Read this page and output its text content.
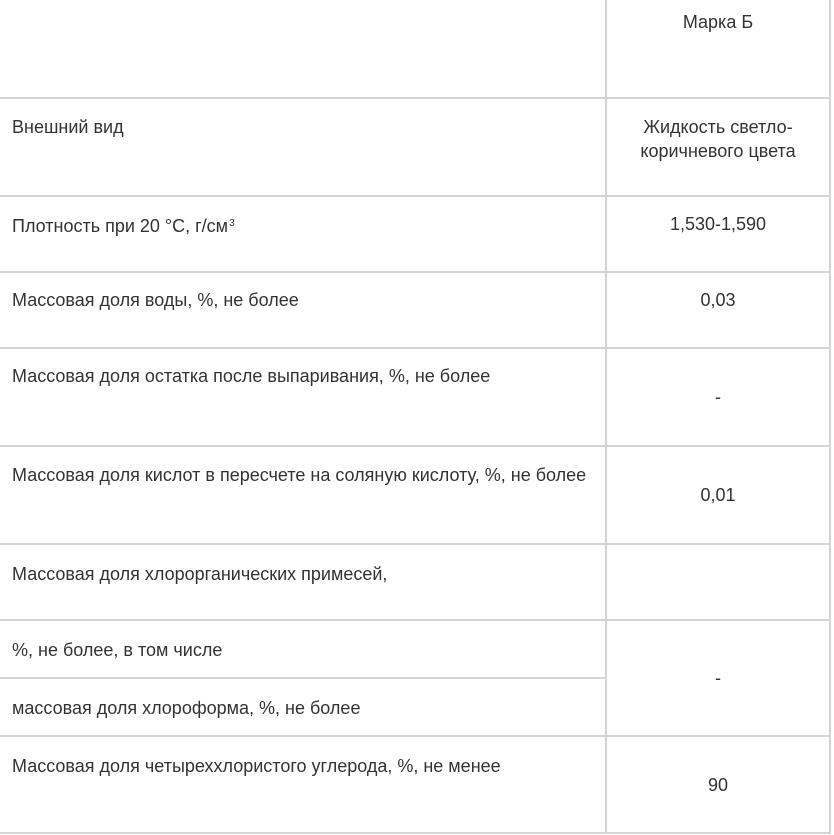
	Марка Б
Внешний вид	Жидкость светло-коричневого цвета
Плотность при 20 °С, $г/см^3$	1,530-1,590
Массовая доля воды, %, не более	0,03
Массовая доля остатка после выпаривания, %, не более	-
Массовая доля кислот в пересчете на соляную кислоту, %, не более	0,01
Массовая доля хлорорганических примесей,	
%, не более, в том числе	-
массовая доля хлороформа, %, не более	
Массовая доля четыреххлористого углерода, %, не менее	90
